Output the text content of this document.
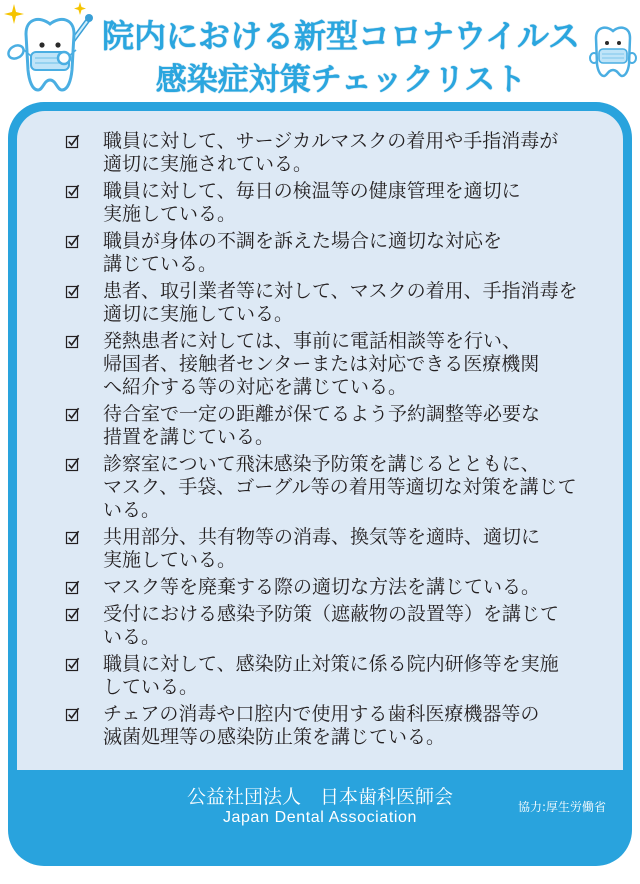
院内における新型コロナウイルス
感染症対策チェックリスト
職員に対して、サージカルマスクの着用や手指消毒が
適切に実施されている。
職員に対して、毎日の検温等の健康管理を適切に
実施している。
職員が身体の不調を訴えた場合に適切な対応を
講じている。
患者、取引業者等に対して、マスクの着用、手指消毒を
適切に実施している。
発熱患者に対しては、事前に電話相談等を行い、
帰国者、接触者センターまたは対応できる医療機関
へ紹介する等の対応を講じている。
待合室で一定の距離が保てるよう予約調整等必要な
措置を講じている。
診察室について飛沫感染予防策を講じるとともに、
マスク、手袋、ゴーグル等の着用等適切な対策を講じて
いる。
共用部分、共有物等の消毒、換気等を適時、適切に
実施している。
マスク等を廃棄する際の適切な方法を講じている。
受付における感染予防策（遮蔽物の設置等）を講じて
いる。
職員に対して、感染防止対策に係る院内研修等を実施
している。
チェアの消毒や口腔内で使用する歯科医療機器等の
滅菌処理等の感染防止策を講じている。
公益社団法人　日本歯科医師会
Japan Dental Association
協力:厚生労働省
